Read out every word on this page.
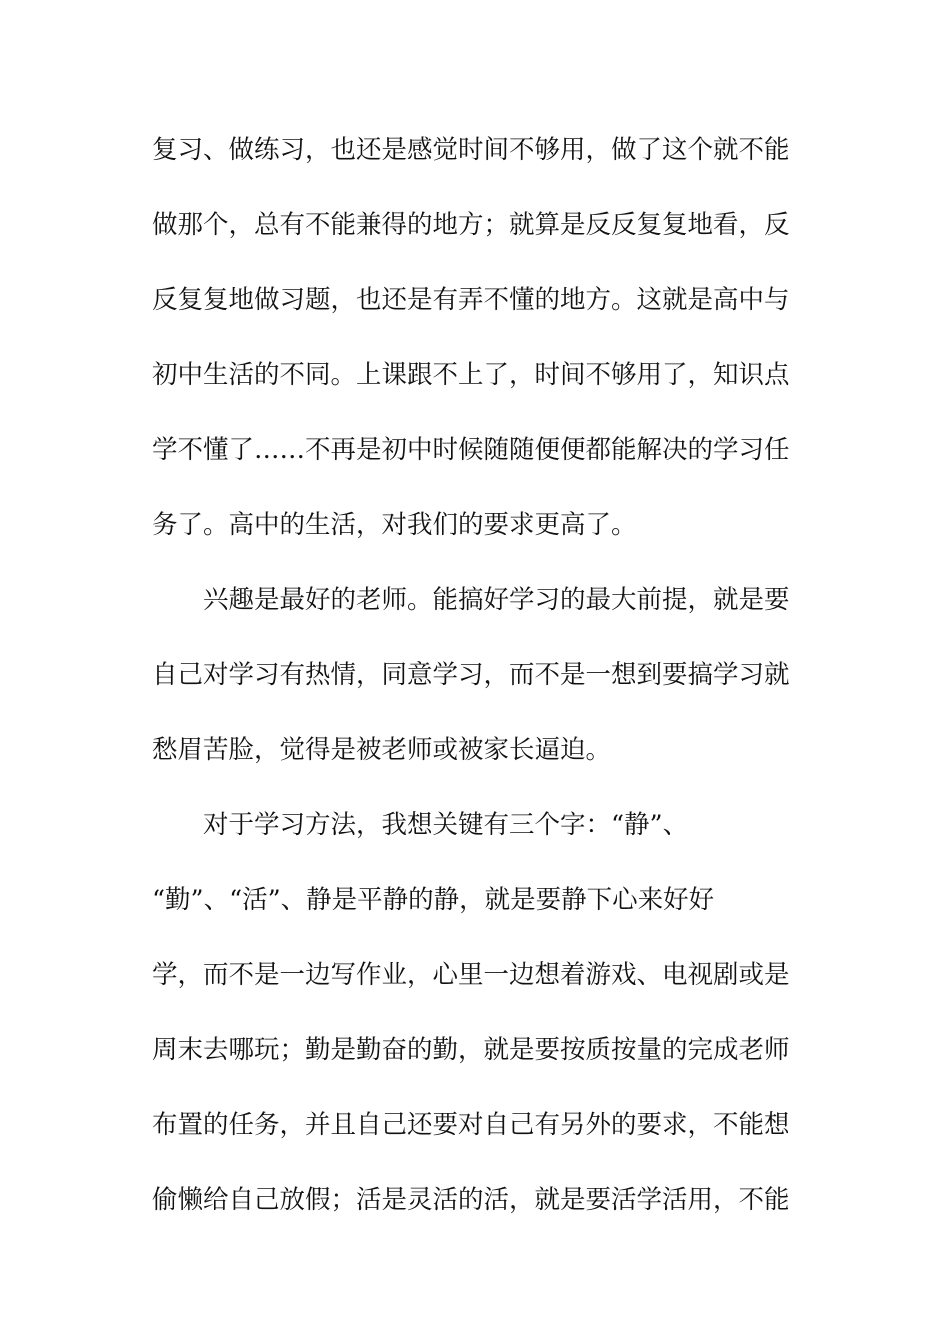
复习、做练习，也还是感觉时间不够用，做了这个就不能
做那个，总有不能兼得的地方；就算是反反复复地看，反
反复复地做习题，也还是有弄不懂的地方。这就是高中与
初中生活的不同。上课跟不上了，时间不够用了，知识点
学不懂了……不再是初中时候随随便便都能解决的学习任
务了。高中的生活，对我们的要求更高了。
兴趣是最好的老师。能搞好学习的最大前提，就是要
自己对学习有热情，同意学习，而不是一想到要搞学习就
愁眉苦脸，觉得是被老师或被家长逼迫。
对于学习方法，我想关键有三个字：“静”、
“勤”、“活”、静是平静的静，就是要静下心来好好
学，而不是一边写作业，心里一边想着游戏、电视剧或是
周末去哪玩；勤是勤奋的勤，就是要按质按量的完成老师
布置的任务，并且自己还要对自己有另外的要求，不能想
偷懒给自己放假；活是灵活的活，就是要活学活用，不能
